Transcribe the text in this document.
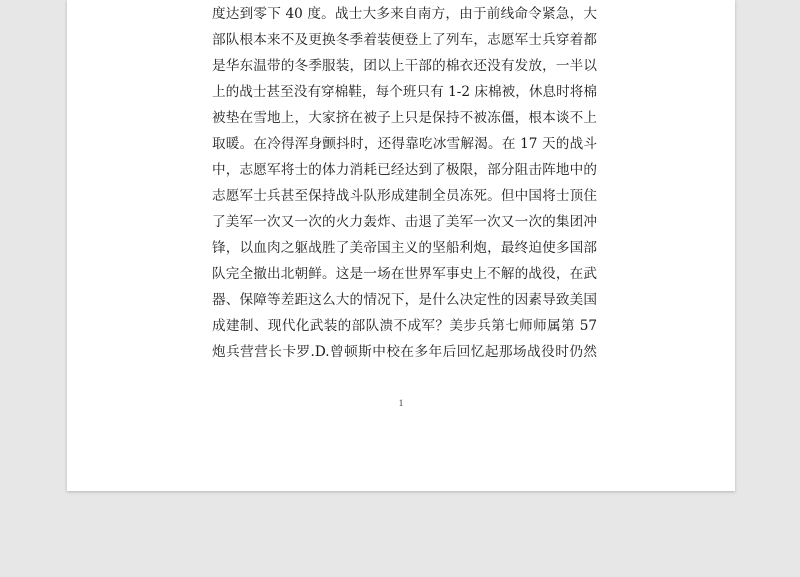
度达到零下 40 度。战士大多来自南方，由于前线命令紧急，大
部队根本来不及更换冬季着装便登上了列车，志愿军士兵穿着都
是华东温带的冬季服装，团以上干部的棉衣还没有发放，一半以
上的战士甚至没有穿棉鞋，每个班只有 1-2 床棉被，休息时将棉
被垫在雪地上，大家挤在被子上只是保持不被冻僵，根本谈不上
取暖。在冷得浑身颤抖时，还得靠吃冰雪解渴。在 17 天的战斗
中，志愿军将士的体力消耗已经达到了极限，部分阻击阵地中的
志愿军士兵甚至保持战斗队形成建制全员冻死。但中国将士顶住
了美军一次又一次的火力轰炸、击退了美军一次又一次的集团冲
锋，以血肉之躯战胜了美帝国主义的坚船利炮，最终迫使多国部
队完全撤出北朝鲜。这是一场在世界军事史上不解的战役，在武
器、保障等差距这么大的情况下，是什么决定性的因素导致美国
成建制、现代化武装的部队溃不成军？美步兵第七师师属第 57
炮兵营营长卡罗.D.曾顿斯中校在多年后回忆起那场战役时仍然
1
